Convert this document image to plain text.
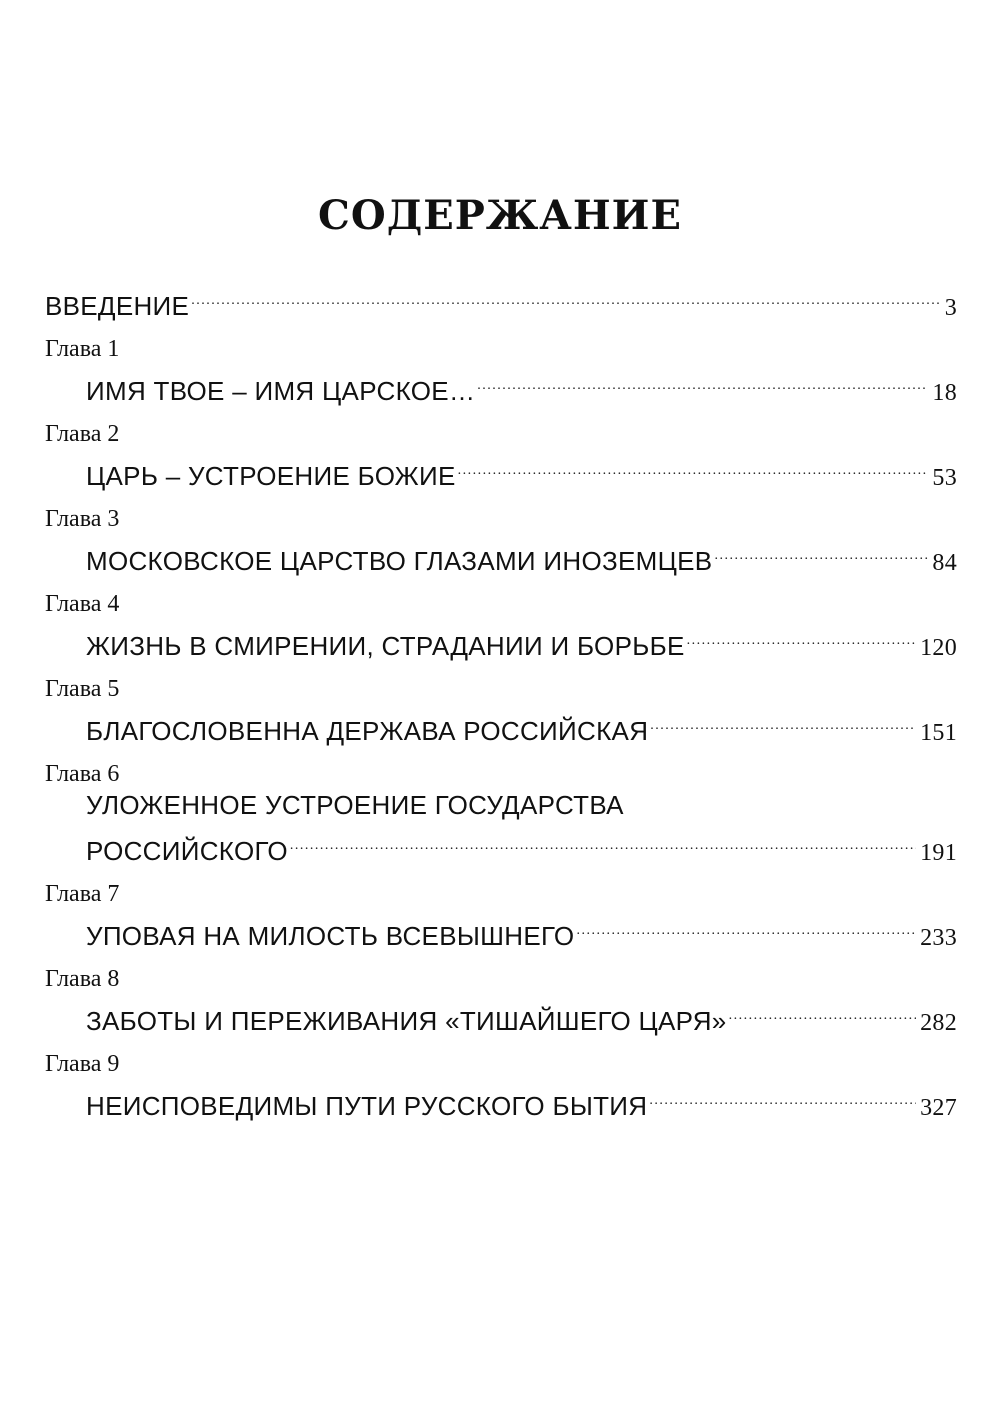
СОДЕРЖАНИЕ
ВВЕДЕНИЕ .....	3
Глава 1
ИМЯ ТВОЕ – ИМЯ ЦАРСКОЕ… .....	18
Глава 2
ЦАРЬ – УСТРОЕНИЕ БОЖИЕ .....	53
Глава 3
МОСКОВСКОЕ ЦАРСТВО ГЛАЗАМИ ИНОЗЕМЦЕВ .....	84
Глава 4
ЖИЗНЬ В СМИРЕНИИ, СТРАДАНИИ И БОРЬБЕ .....	120
Глава 5
БЛАГОСЛОВЕННА ДЕРЖАВА РОССИЙСКАЯ .....	151
Глава 6
УЛОЖЕННОЕ УСТРОЕНИЕ ГОСУДАРСТВА
РОССИЙСКОГО .....	191
Глава 7
УПОВАЯ НА МИЛОСТЬ ВСЕВЫШНЕГО .....	233
Глава 8
ЗАБОТЫ И ПЕРЕЖИВАНИЯ «ТИШАЙШЕГО ЦАРЯ» .....	282
Глава 9
НЕИСПОВЕДИМЫ ПУТИ РУССКОГО БЫТИЯ .....	327
